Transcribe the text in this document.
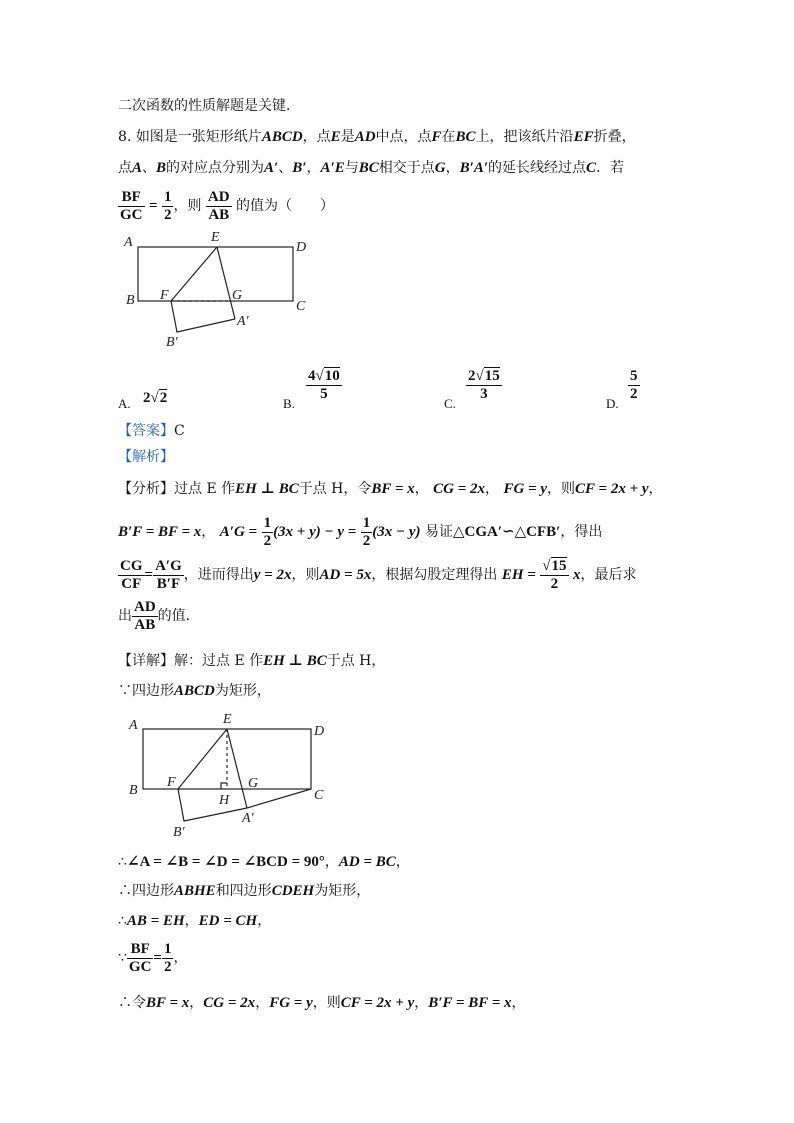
二次函数的性质解题是关键．
8. 如图是一张矩形纸片ABCD，点E是AD中点，点F在BC上，把该纸片沿EF折叠，
点A、B的对应点分别为A′、B′，A′E与BC相交于点G，B′A′的延长线经过点C．若
$\frac{BF}{GC} = \frac{1}{2}$ ，则 $\frac{AD}{AB}$ 的值为（　　）
A	E
D
B F	G
C
A′
B′
A. 2√2	B.
$\frac{4√10}{5}$
C.
$\frac{2√15}{3}$
D.
$\frac{5}{2}$
【答案】C
【解析】
【分析】过点 E 作EH ⊥ BC于点 H，令BF = x， CG = 2x， FG = y，则CF = 2x + y，
B′F = BF = x， $A'G = \frac{1}{2} (3x + y) - y = \frac{1}{2} (3x - y)$ 易证△CGA′∽△CFB′，得出
$\frac{CG}{CF} = \frac{A'G}{B'F}$ ，进而得出y = 2x，则AD = 5x，根据勾股定理得出 EH = $\frac{√15}{2}$ x，最后求
出 $\frac{AD}{AB}$ 的值．
【详解】解：过点 E 作EH ⊥ BC于点 H，
∵四边形ABCD为矩形，
A	E
D
B
F	G
H	C
A′
B′
∴∠A = ∠B = ∠D = ∠BCD = 90°，AD = BC，
∴四边形ABHE和四边形CDEH为矩形，
∴AB = EH，ED = CH，
∵ $\frac{BF}{GC} = \frac{1}{2}$ ，
∴令BF = x，CG = 2x，FG = y，则CF = 2x + y，B′F = BF = x，
